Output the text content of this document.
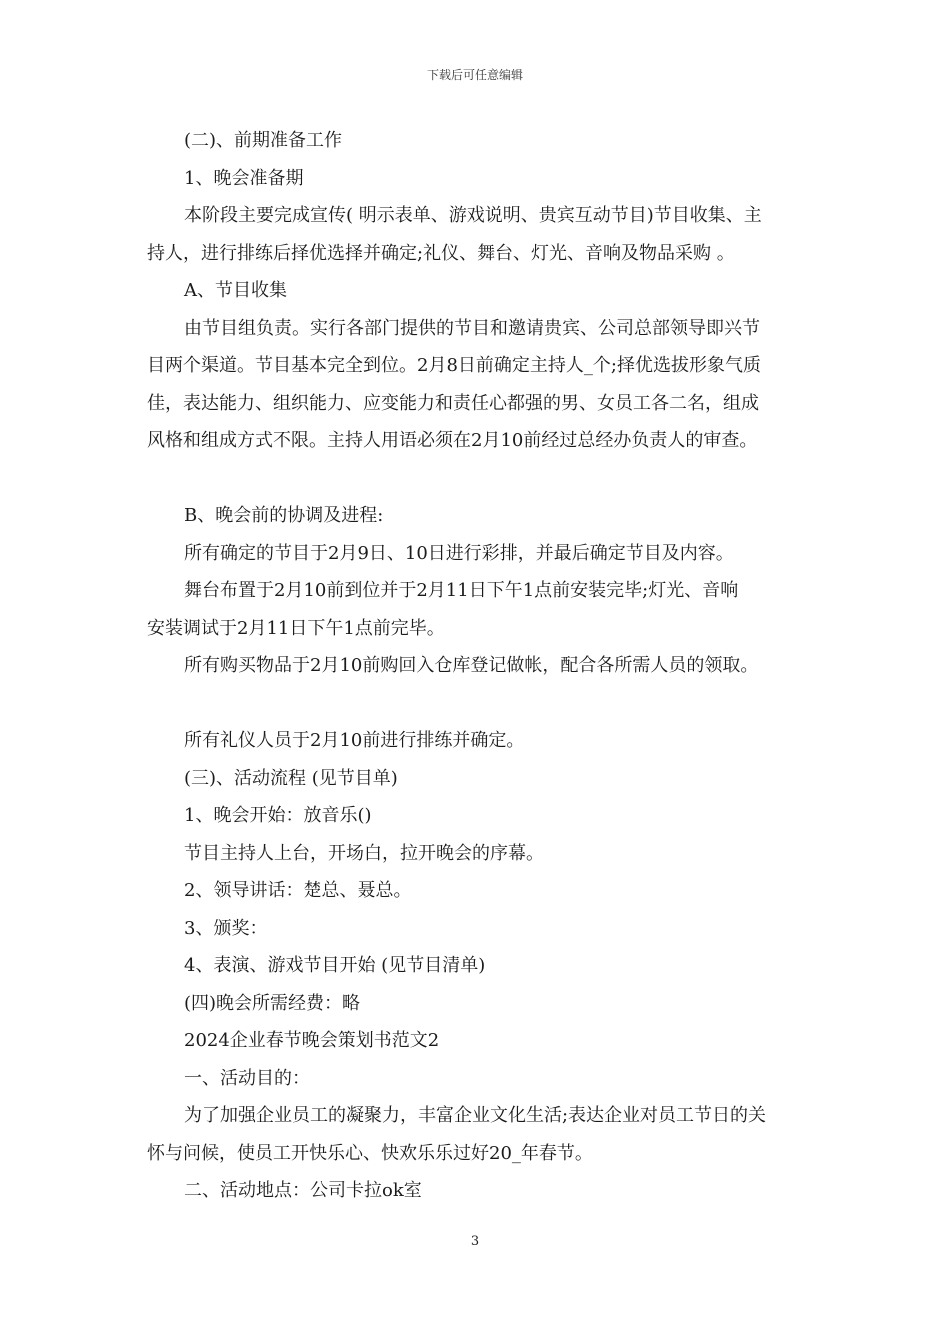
下载后可任意编辑
(二)、前期准备工作
1、晚会准备期
本阶段主要完成宣传( 明示表单、游戏说明、贵宾互动节目)节目收集、主
持人，进行排练后择优选择并确定;礼仪、舞台、灯光、音响及物品采购 。
A、节目收集
由节目组负责。实行各部门提供的节目和邀请贵宾、公司总部领导即兴节
目两个渠道。节目基本完全到位。2月8日前确定主持人_个;择优选拔形象气质
佳，表达能力、组织能力、应变能力和责任心都强的男、女员工各二名，组成
风格和组成方式不限。主持人用语必须在2月10前经过总经办负责人的审查。
B、晚会前的协调及进程:
所有确定的节目于2月9日、10日进行彩排，并最后确定节目及内容。
舞台布置于2月10前到位并于2月11日下午1点前安装完毕;灯光、音响
安装调试于2月11日下午1点前完毕。
所有购买物品于2月10前购回入仓库登记做帐，配合各所需人员的领取。
所有礼仪人员于2月10前进行排练并确定。
(三)、活动流程 (见节目单)
1、晚会开始：放音乐()
节目主持人上台，开场白，拉开晚会的序幕。
2、领导讲话：楚总、聂总。
3、颁奖：
4、表演、游戏节目开始 (见节目清单)
(四)晚会所需经费：略
2024企业春节晚会策划书范文2
一、活动目的：
为了加强企业员工的凝聚力，丰富企业文化生活;表达企业对员工节日的关
怀与问候，使员工开快乐心、快欢乐乐过好20_年春节。
二、活动地点：公司卡拉ok室
3
